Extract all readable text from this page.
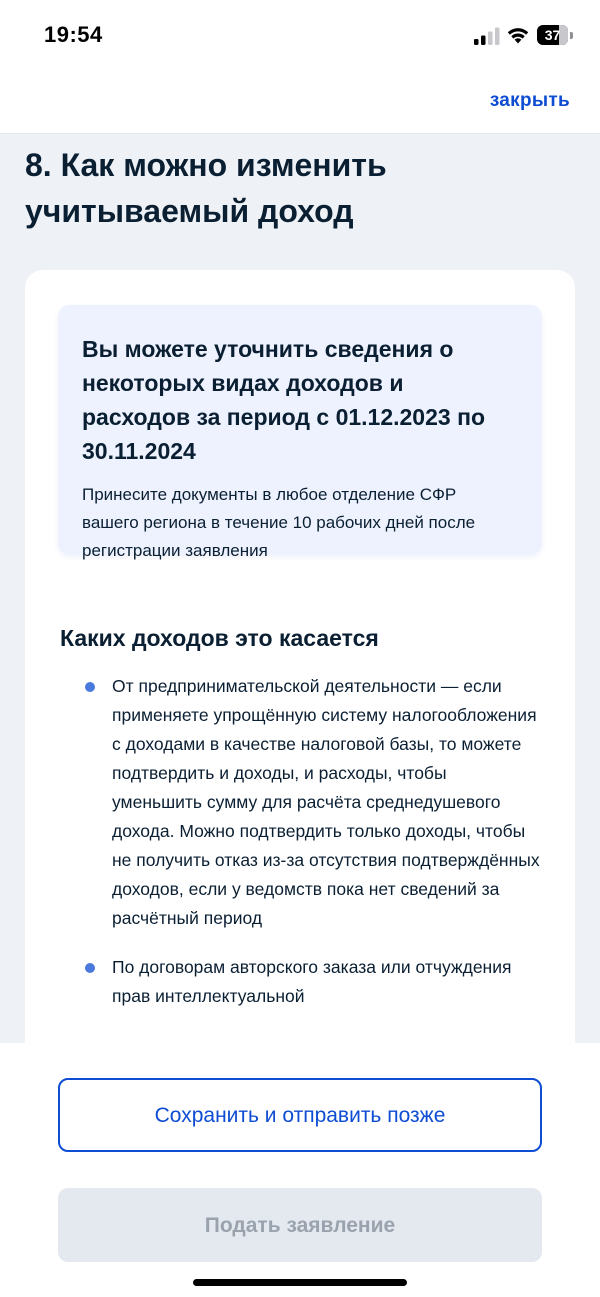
19:54	37
закрыть
8. Как можно изменить учитываемый доход

Вы можете уточнить сведения о некоторых видах доходов и расходов за период с 01.12.2023 по 30.11.2024

Принесите документы в любое отделение СФР вашего региона в течение 10 рабочих дней после регистрации заявления

Каких доходов это касается
От предпринимательской деятельности — если применяете упрощённую систему налогообложения с доходами в качестве налоговой базы, то можете подтвердить и доходы, и расходы, чтобы уменьшить сумму для расчёта среднедушевого дохода. Можно подтвердить только доходы, чтобы не получить отказ из-за отсутствия подтверждённых доходов, если у ведомств пока нет сведений за расчётный период
По договорам авторского заказа или отчуждения прав интеллектуальной
Сохранить и отправить позже
Подать заявление
